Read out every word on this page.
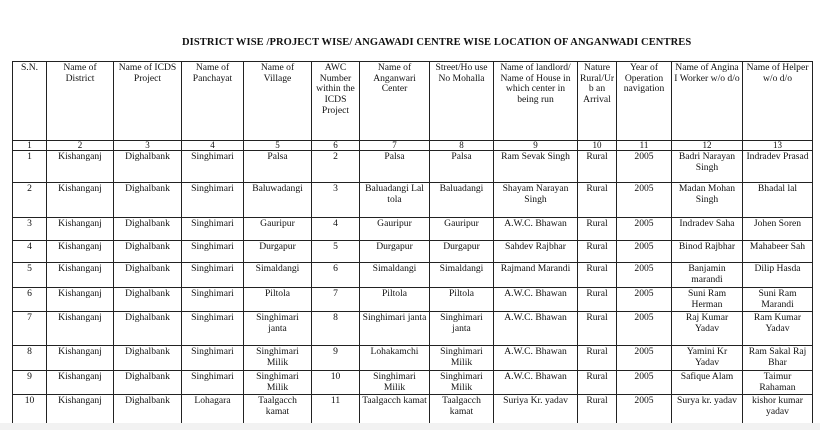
DISTRICT WISE /PROJECT WISE/ ANGAWADI CENTRE WISE LOCATION OF ANGANWADI CENTRES
S.N.	Name of District	Name of ICDS Project	Name of Panchayat	Name of Village	AWC Number within the ICDS Project	Name of Anganwari Center	Street/Ho use No Mohalla	Name of landlord/ Name of House in which center in being run	Nature Rural/Ur b an Arrival	Year of Operation navigation	Name of Angina I Worker w/o d/o	Name of Helper w/o d/o
1	2	3	4	5	6	7	8	9	10	11	12	13
1	Kishanganj	Dighalbank	Singhimari	Palsa	2	Palsa	Palsa	Ram Sevak Singh	Rural	2005	Badri Narayan Singh	Indradev Prasad
2	Kishanganj	Dighalbank	Singhimari	Baluwadangi	3	Baluadangi Lal tola	Baluadangi	Shayam Narayan Singh	Rural	2005	Madan Mohan Singh	Bhadal lal
3	Kishanganj	Dighalbank	Singhimari	Gauripur	4	Gauripur	Gauripur	A.W.C. Bhawan	Rural	2005	Indradev Saha	Johen Soren
4	Kishanganj	Dighalbank	Singhimari	Durgapur	5	Durgapur	Durgapur	Sahdev Rajbhar	Rural	2005	Binod Rajbhar	Mahabeer Sah
5	Kishanganj	Dighalbank	Singhimari	Simaldangi	6	Simaldangi	Simaldangi	Rajmand Marandi	Rural	2005	Banjamin marandi	Dilip Hasda
6	Kishanganj	Dighalbank	Singhimari	Piltola	7	Piltola	Piltola	A.W.C. Bhawan	Rural	2005	Suni Ram Herman	Suni Ram Marandi
7	Kishanganj	Dighalbank	Singhimari	Singhimari janta	8	Singhimari janta	Singhimari janta	A.W.C. Bhawan	Rural	2005	Raj Kumar Yadav	Ram Kumar Yadav
8	Kishanganj	Dighalbank	Singhimari	Singhimari Milik	9	Lohakamchi	Singhimari Milik	A.W.C. Bhawan	Rural	2005	Yamini Kr Yadav	Ram Sakal Raj Bhar
9	Kishanganj	Dighalbank	Singhimari	Singhimari Milik	10	Singhimari Milik	Singhimari Milik	A.W.C. Bhawan	Rural	2005	Safique Alam	Taimur Rahaman
10	Kishanganj	Dighalbank	Lohagara	Taalgacch kamat	11	Taalgacch kamat	Taalgacch kamat	Suriya Kr. yadav	Rural	2005	Surya kr. yadav	kishor kumar yadav
